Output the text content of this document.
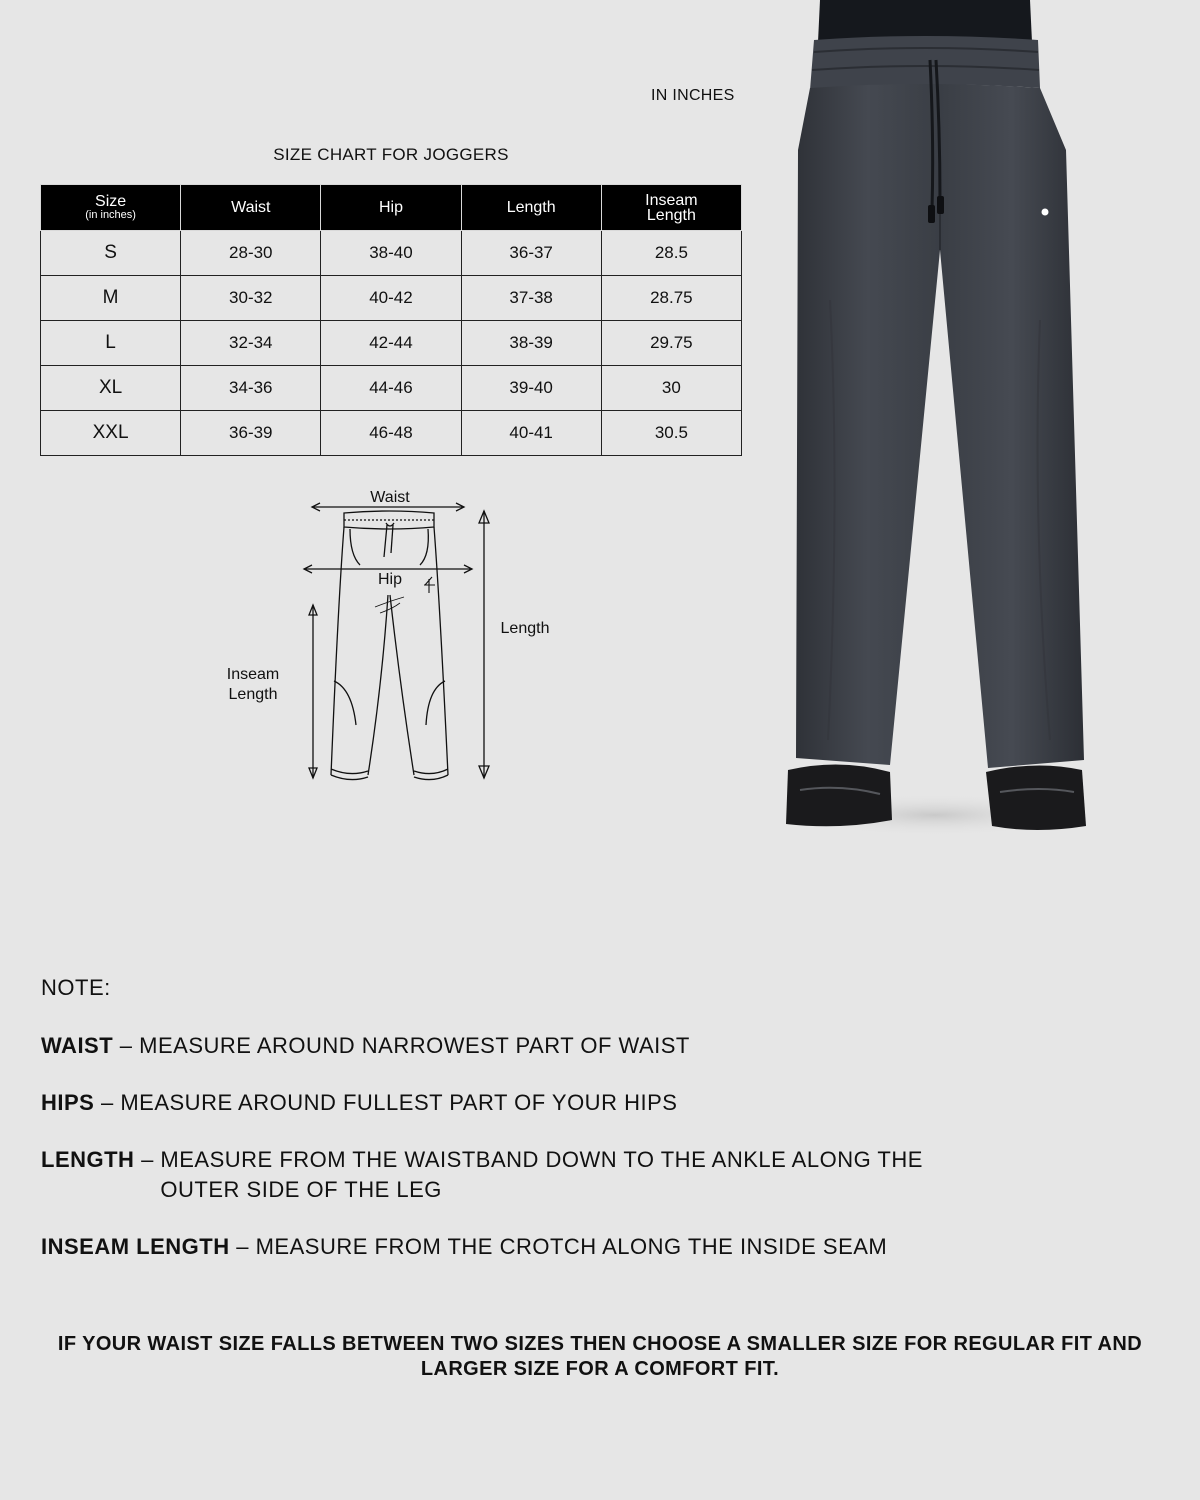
IN INCHES
SIZE CHART FOR JOGGERS
Size
(in inches)	Waist	Hip	Length	Inseam Length

S	28-30	38-40	36-37	28.5
M	30-32	40-42	37-38	28.75
L	32-34	42-44	38-39	29.75
XL	34-36	44-46	39-40	30
XXL	36-39	46-48	40-41	30.5
Waist
Hip
Length
Inseam Length
NOTE:
WAIST – MEASURE AROUND NARROWEST PART OF WAIST
HIPS – MEASURE AROUND FULLEST PART OF YOUR HIPS
LENGTH – MEASURE FROM THE WAISTBAND DOWN TO THE ANKLE ALONG THE OUTER SIDE OF THE LEG
INSEAM LENGTH – MEASURE FROM THE CROTCH ALONG THE INSIDE SEAM
IF YOUR WAIST SIZE FALLS BETWEEN TWO SIZES THEN CHOOSE A SMALLER SIZE FOR REGULAR FIT AND LARGER SIZE FOR A COMFORT FIT.
